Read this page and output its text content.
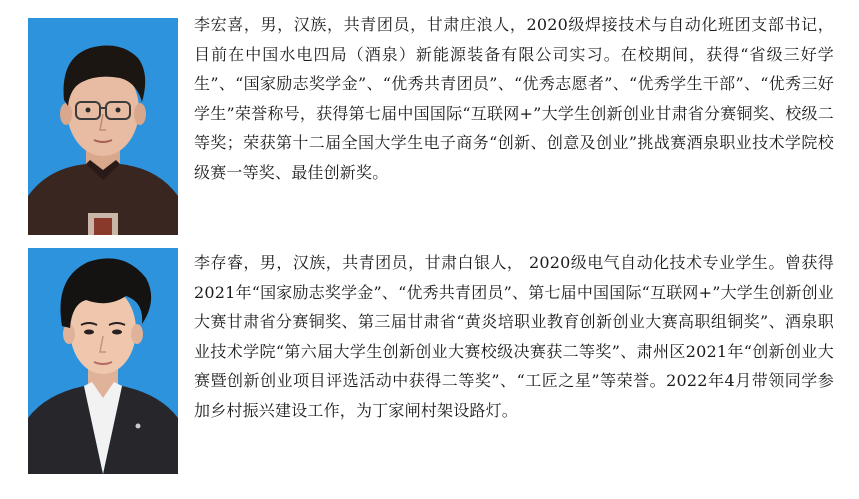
李宏喜，男，汉族，共青团员，甘肃庄浪人，2020级焊接技术与自动化班团支部书记，目前在中国水电四局（酒泉）新能源装备有限公司实习。在校期间，获得“省级三好学生”、“国家励志奖学金”、“优秀共青团员”、“优秀志愿者”、“优秀学生干部”、“优秀三好学生”荣誉称号，获得第七届中国国际“互联网+”大学生创新创业甘肃省分赛铜奖、校级二等奖；荣获第十二届全国大学生电子商务“创新、创意及创业”挑战赛酒泉职业技术学院校级赛一等奖、最佳创新奖。

李存睿，男，汉族，共青团员，甘肃白银人， 2020级电气自动化技术专业学生。曾获得2021年“国家励志奖学金”、“优秀共青团员”、第七届中国国际“互联网+”大学生创新创业大赛甘肃省分赛铜奖、第三届甘肃省“黄炎培职业教育创新创业大赛高职组铜奖”、酒泉职业技术学院“第六届大学生创新创业大赛校级决赛获二等奖”、肃州区2021年“创新创业大赛暨创新创业项目评选活动中获得二等奖”、“工匠之星”等荣誉。2022年4月带领同学参加乡村振兴建设工作，为丁家闸村架设路灯。
